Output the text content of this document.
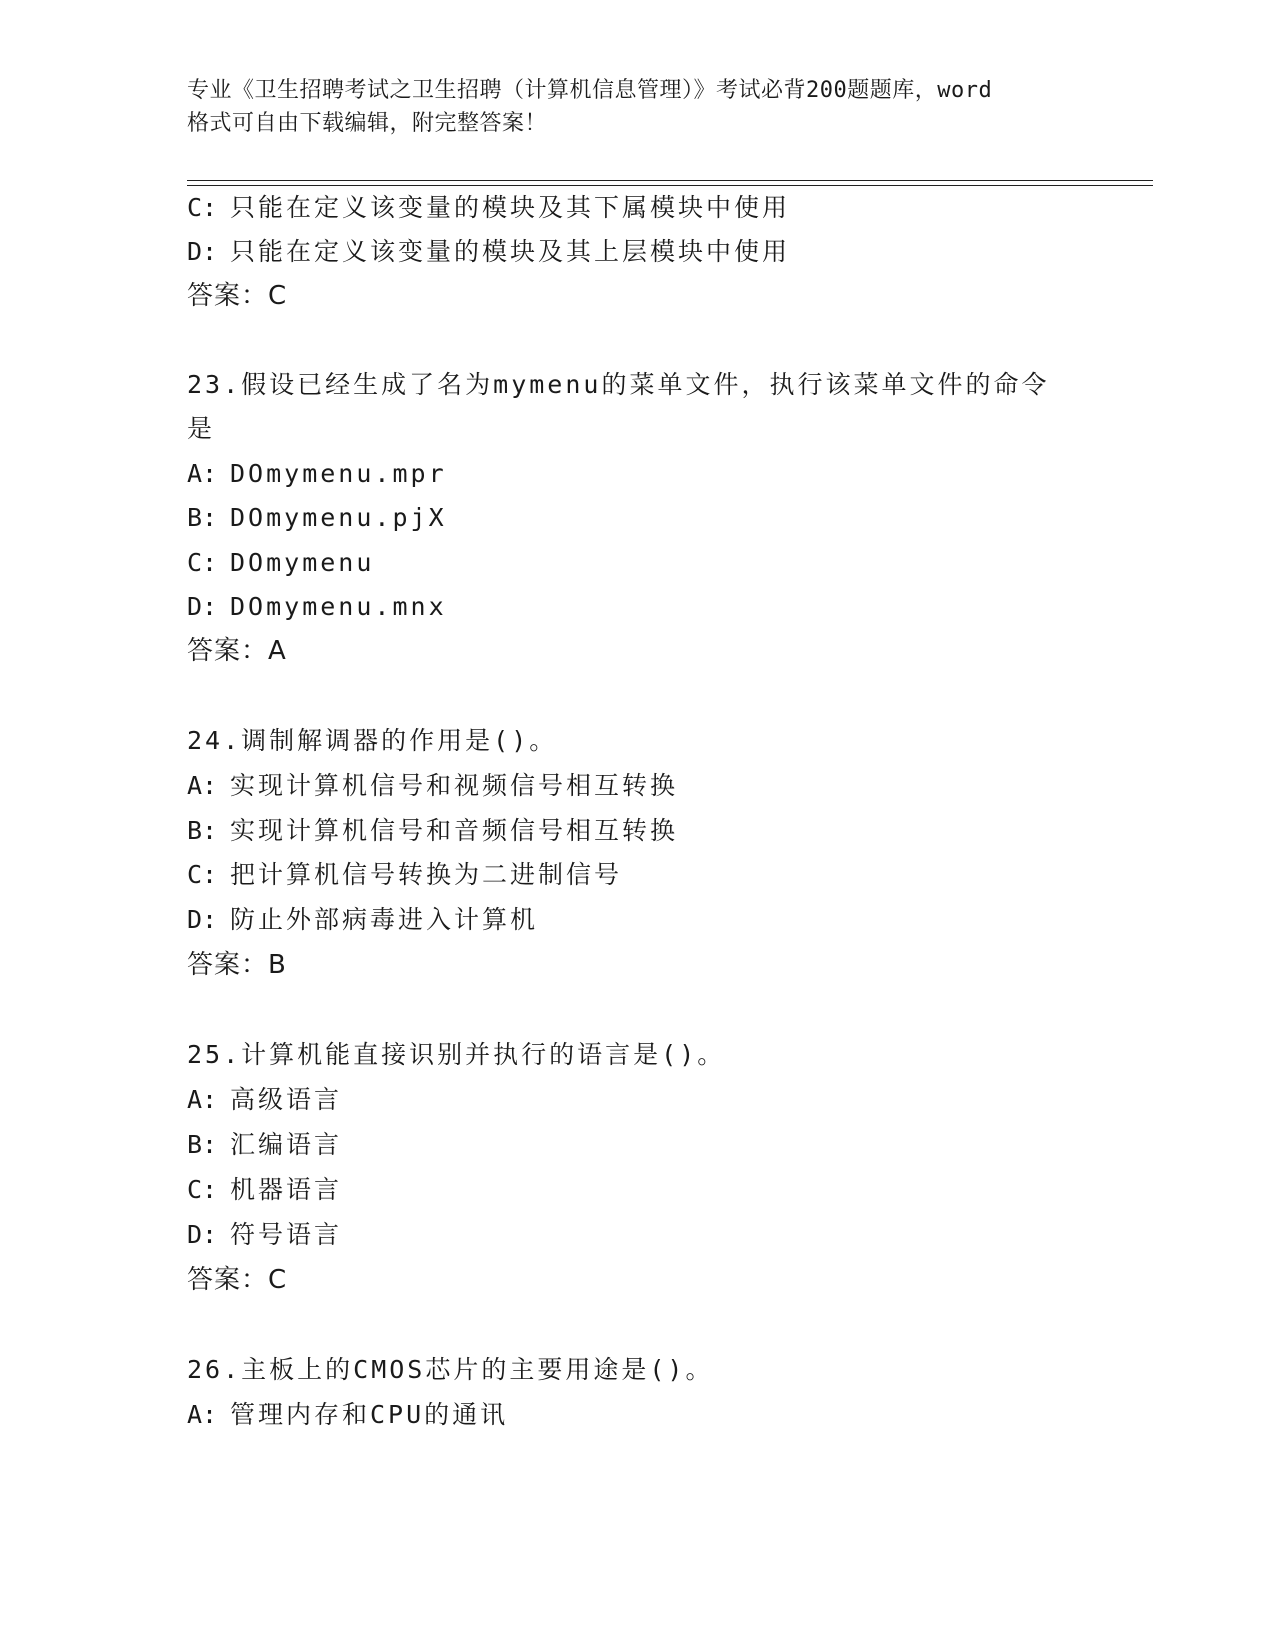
专业《卫生招聘考试之卫生招聘（计算机信息管理）》考试必背200题题库，word
格式可自由下载编辑，附完整答案！
C: 只能在定义该变量的模块及其下属模块中使用
D: 只能在定义该变量的模块及其上层模块中使用
答案：C
23.假设已经生成了名为mymenu的菜单文件，执行该菜单文件的命令
是
A: DOmymenu.mpr
B: DOmymenu.pjX
C: DOmymenu
D: DOmymenu.mnx
答案：A
24.调制解调器的作用是()。
A: 实现计算机信号和视频信号相互转换
B: 实现计算机信号和音频信号相互转换
C: 把计算机信号转换为二进制信号
D: 防止外部病毒进入计算机
答案：B
25.计算机能直接识别并执行的语言是()。
A: 高级语言
B: 汇编语言
C: 机器语言
D: 符号语言
答案：C
26.主板上的CMOS芯片的主要用途是()。
A: 管理内存和CPU的通讯
